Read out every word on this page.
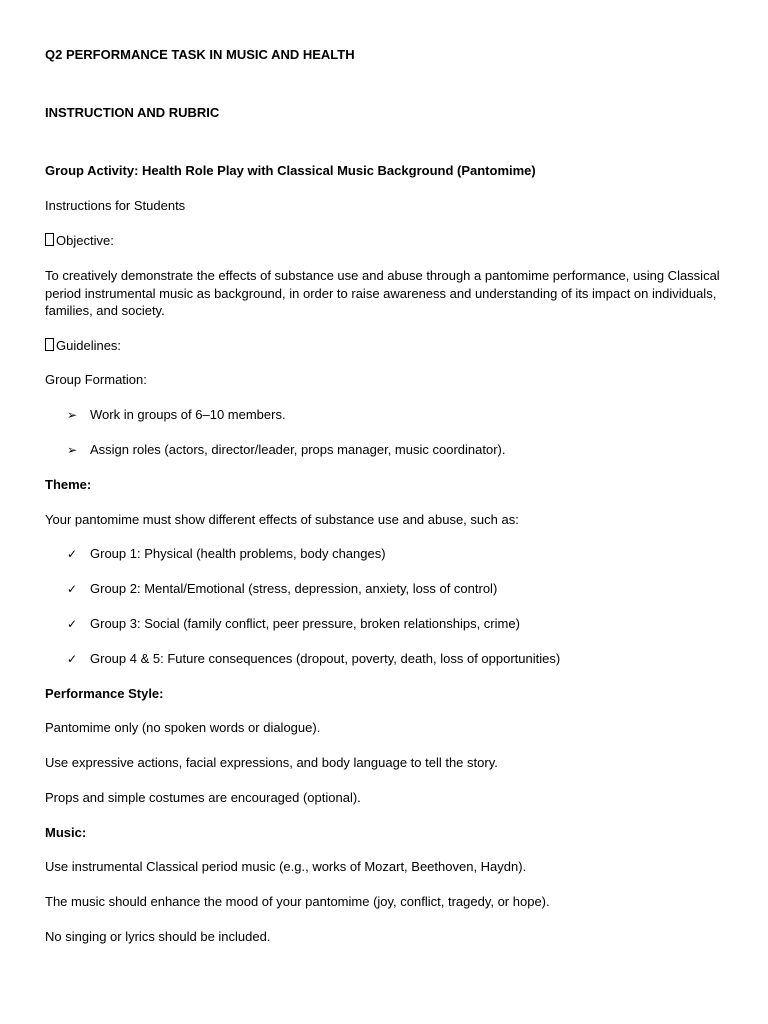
Q2 PERFORMANCE TASK IN MUSIC AND HEALTH

INSTRUCTION AND RUBRIC

Group Activity: Health Role Play with Classical Music Background (Pantomime)

Instructions for Students

Objective:

To creatively demonstrate the effects of substance use and abuse through a pantomime performance, using Classical period instrumental music as background, in order to raise awareness and understanding of its impact on individuals, families, and society.

Guidelines:

Group Formation:

➢ Work in groups of 6–10 members.

➢ Assign roles (actors, director/leader, props manager, music coordinator).

Theme:

Your pantomime must show different effects of substance use and abuse, such as:

✓ Group 1: Physical (health problems, body changes)

✓ Group 2: Mental/Emotional (stress, depression, anxiety, loss of control)

✓ Group 3: Social (family conflict, peer pressure, broken relationships, crime)

✓ Group 4 & 5: Future consequences (dropout, poverty, death, loss of opportunities)

Performance Style:

Pantomime only (no spoken words or dialogue).

Use expressive actions, facial expressions, and body language to tell the story.

Props and simple costumes are encouraged (optional).

Music:

Use instrumental Classical period music (e.g., works of Mozart, Beethoven, Haydn).

The music should enhance the mood of your pantomime (joy, conflict, tragedy, or hope).

No singing or lyrics should be included.
